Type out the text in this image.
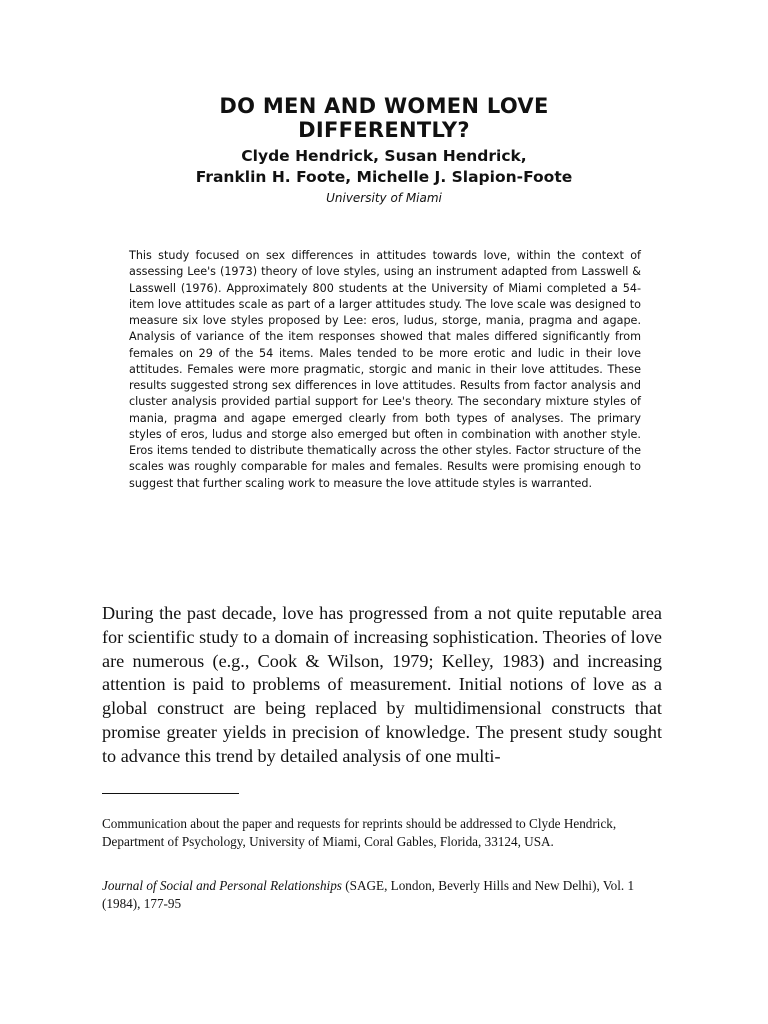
DO MEN AND WOMEN LOVE
DIFFERENTLY?
Clyde Hendrick, Susan Hendrick,
Franklin H. Foote, Michelle J. Slapion-Foote
University of Miami

This study focused on sex differences in attitudes towards love, within the context of assessing Lee's (1973) theory of love styles, using an instrument adapted from Lasswell & Lasswell (1976). Approximately 800 students at the University of Miami completed a 54-item love attitudes scale as part of a larger attitudes study. The love scale was designed to measure six love styles proposed by Lee: eros, ludus, storge, mania, pragma and agape. Analysis of variance of the item responses showed that males differed significantly from females on 29 of the 54 items. Males tended to be more erotic and ludic in their love attitudes. Females were more pragmatic, storgic and manic in their love attitudes. These results suggested strong sex differences in love attitudes. Results from factor analysis and cluster analysis provided partial support for Lee's theory. The secondary mixture styles of mania, pragma and agape emerged clearly from both types of analyses. The primary styles of eros, ludus and storge also emerged but often in combination with another style. Eros items tended to distribute thematically across the other styles. Factor structure of the scales was roughly comparable for males and females. Results were promising enough to suggest that further scaling work to measure the love attitude styles is warranted.

During the past decade, love has progressed from a not quite reputable area for scientific study to a domain of increasing sophistication. Theories of love are numerous (e.g., Cook & Wilson, 1979; Kelley, 1983) and increasing attention is paid to problems of measurement. Initial notions of love as a global construct are being replaced by multidimensional constructs that promise greater yields in precision of knowledge. The present study sought to advance this trend by detailed analysis of one multi-

Communication about the paper and requests for reprints should be addressed to Clyde Hendrick, Department of Psychology, University of Miami, Coral Gables, Florida, 33124, USA.

Journal of Social and Personal Relationships (SAGE, London, Beverly Hills and New Delhi), Vol. 1 (1984), 177-95
